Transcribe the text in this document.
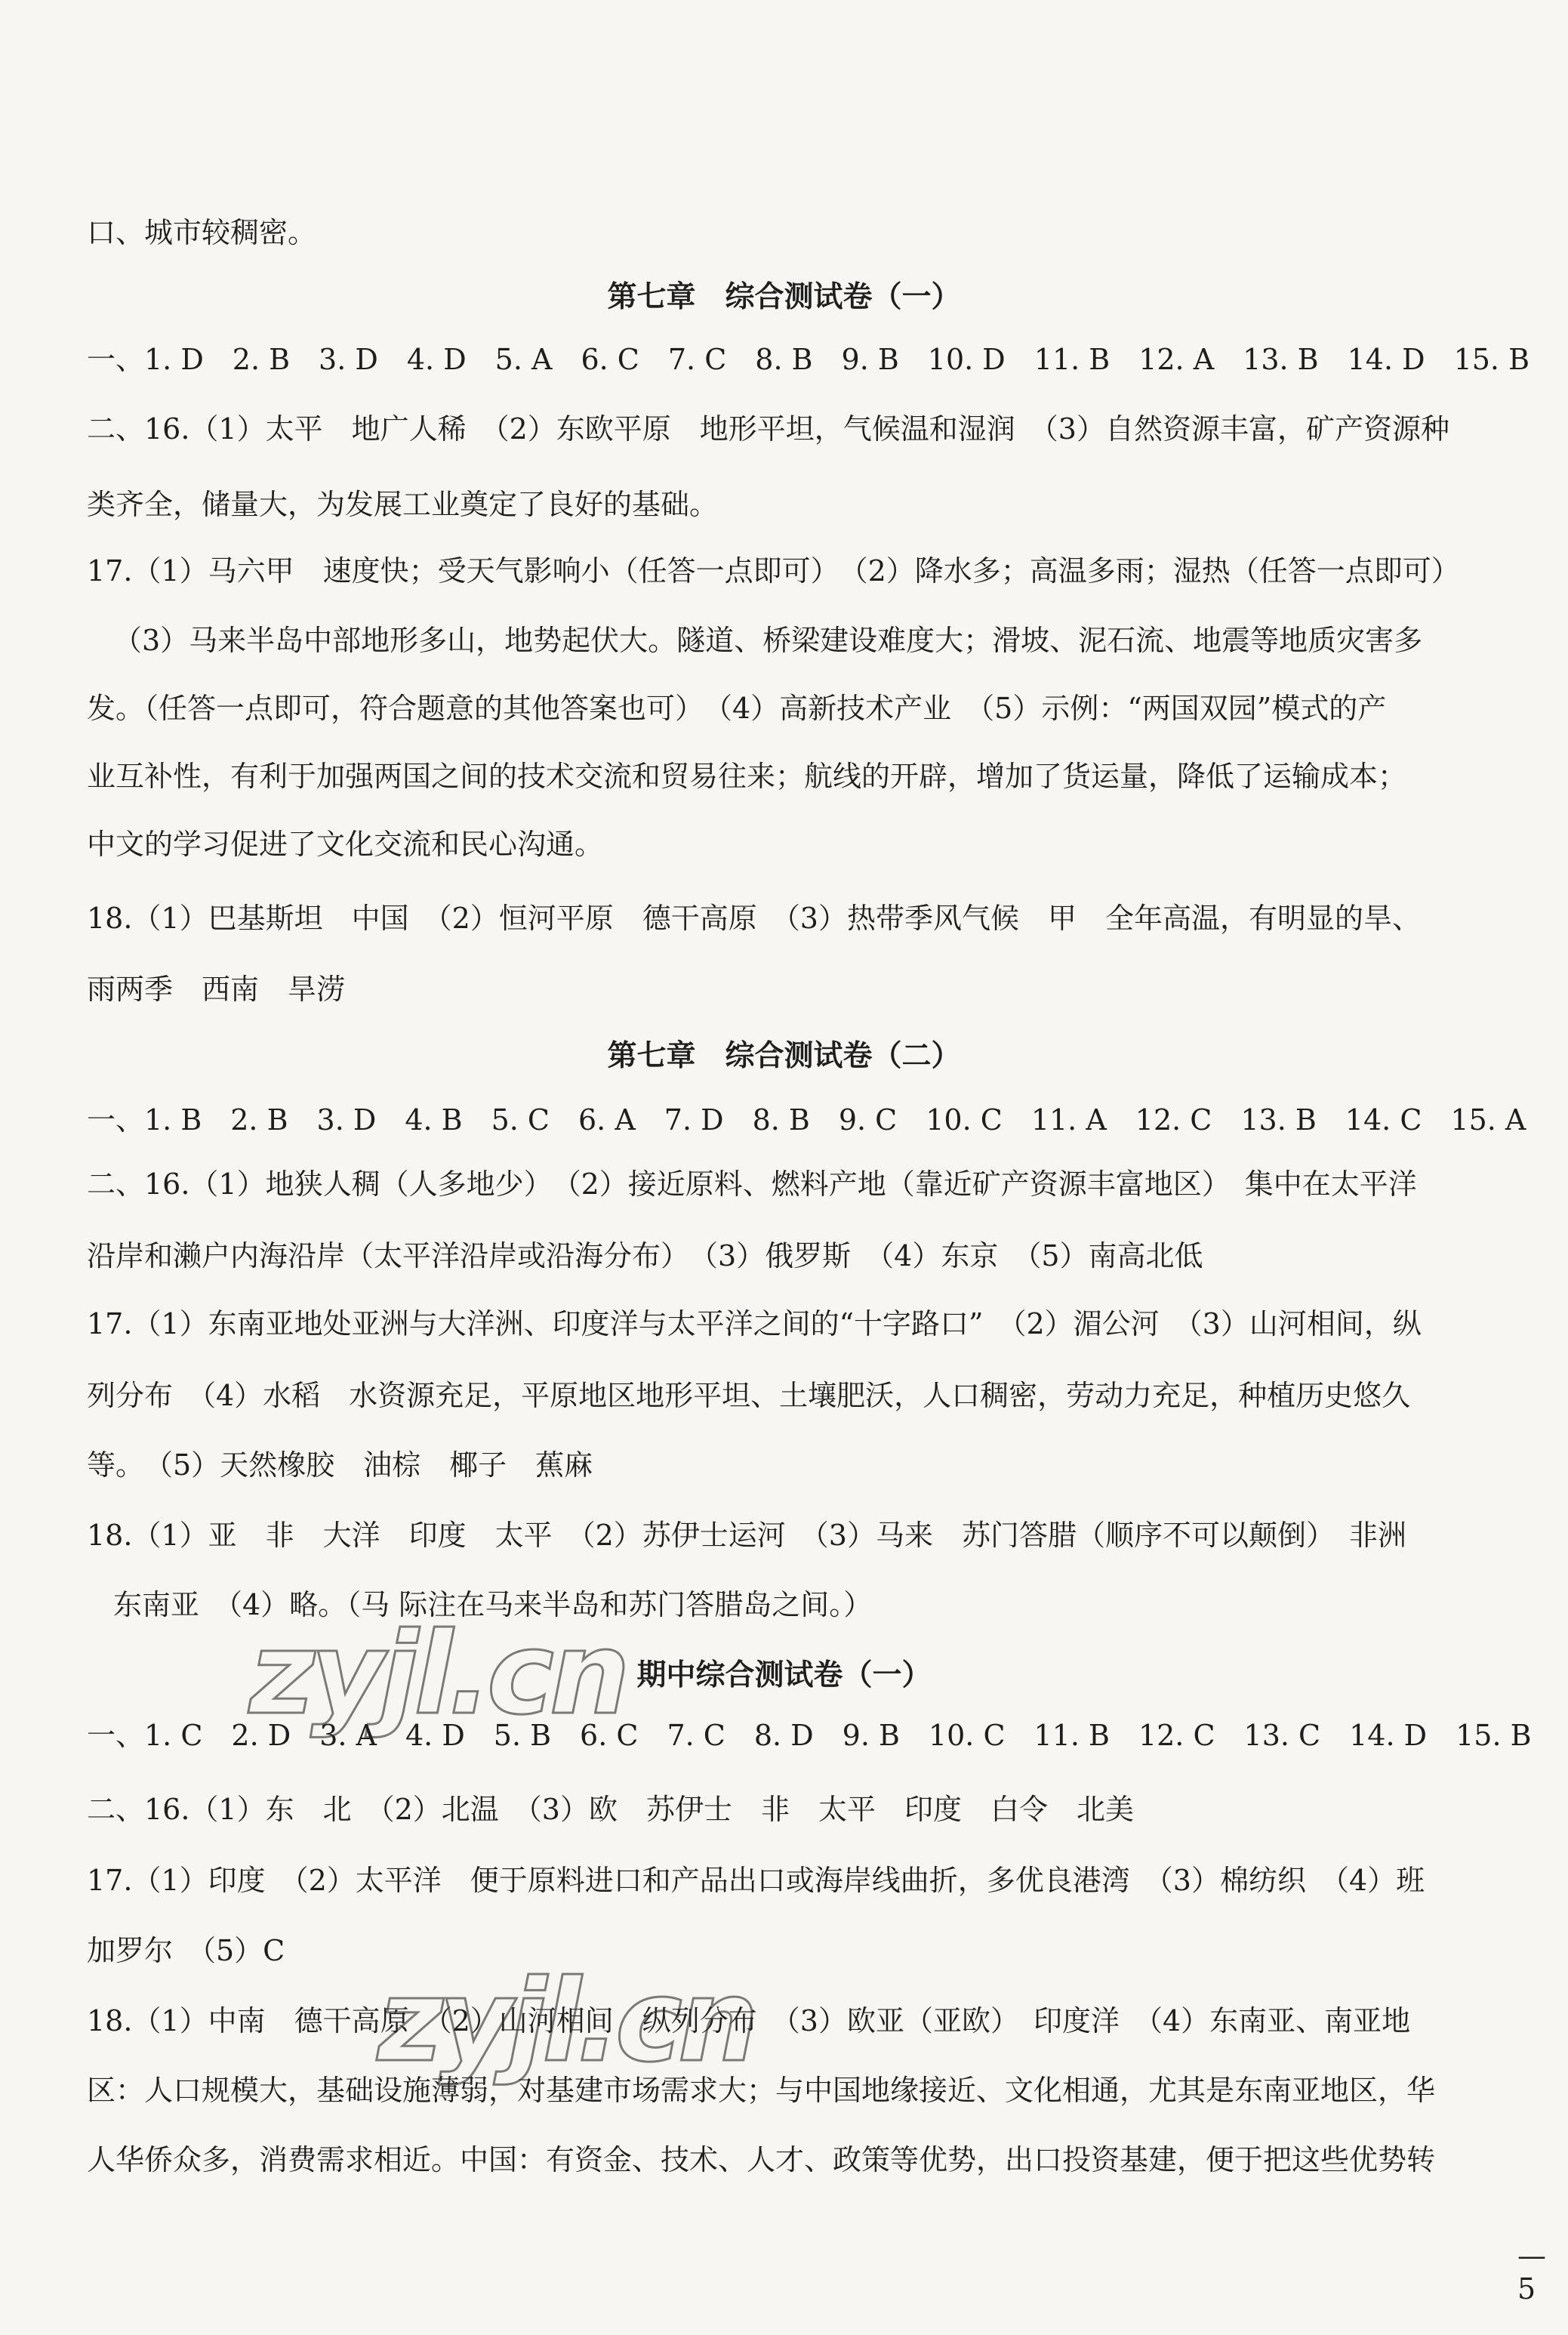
口、城市较稠密。
第七章　综合测试卷（一）
一、1. D　2. B　3. D　4. D　5. A　6. C　7. C　8. B　9. B　10. D　11. B　12. A　13. B　14. D　15. B
二、16.（1）太平　地广人稀　（2）东欧平原　地形平坦，气候温和湿润　（3）自然资源丰富，矿产资源种
类齐全，储量大，为发展工业奠定了良好的基础。
17.（1）马六甲　速度快；受天气影响小（任答一点即可）　（2）降水多；高温多雨；湿热（任答一点即可）
（3）马来半岛中部地形多山，地势起伏大。隧道、桥梁建设难度大；滑坡、泥石流、地震等地质灾害多
发。（任答一点即可，符合题意的其他答案也可）　（4）高新技术产业　（5）示例：“两国双园”模式的产
业互补性，有利于加强两国之间的技术交流和贸易往来；航线的开辟，增加了货运量，降低了运输成本；
中文的学习促进了文化交流和民心沟通。
18.（1）巴基斯坦　中国　（2）恒河平原　德干高原　（3）热带季风气候　甲　全年高温，有明显的旱、
雨两季　西南　旱涝
第七章　综合测试卷（二）
一、1. B　2. B　3. D　4. B　5. C　6. A　7. D　8. B　9. C　10. C　11. A　12. C　13. B　14. C　15. A
二、16.（1）地狭人稠（人多地少）　（2）接近原料、燃料产地（靠近矿产资源丰富地区）　集中在太平洋
沿岸和濑户内海沿岸（太平洋沿岸或沿海分布）　（3）俄罗斯　（4）东京　（5）南高北低
17.（1）东南亚地处亚洲与大洋洲、印度洋与太平洋之间的“十字路口”　（2）湄公河　（3）山河相间，纵
列分布　（4）水稻　水资源充足，平原地区地形平坦、土壤肥沃，人口稠密，劳动力充足，种植历史悠久
等。　（5）天然橡胶　油棕　椰子　蕉麻
18.（1）亚　非　大洋　印度　太平　（2）苏伊士运河　（3）马来　苏门答腊（顺序不可以颠倒）　非洲
东南亚　（4）略。（马 际注在马来半岛和苏门答腊岛之间。）
期中综合测试卷（一）
一、1. C　2. D　3. A　4. D　5. B　6. C　7. C　8. D　9. B　10. C　11. B　12. C　13. C　14. D　15. B
二、16.（1）东　北　（2）北温　（3）欧　苏伊士　非　太平　印度　白令　北美
17.（1）印度　（2）太平洋　便于原料进口和产品出口或海岸线曲折，多优良港湾　（3）棉纺织　（4）班
加罗尔　（5）C
18.（1）中南　德干高原　（2）山河相间　纵列分布　（3）欧亚（亚欧）　印度洋　（4）东南亚、南亚地
区：人口规模大，基础设施薄弱，对基建市场需求大；与中国地缘接近、文化相通，尤其是东南亚地区，华
人华侨众多，消费需求相近。中国：有资金、技术、人才、政策等优势，出口投资基建，便于把这些优势转
zyjl.cn
zyjl.cn
— 5
